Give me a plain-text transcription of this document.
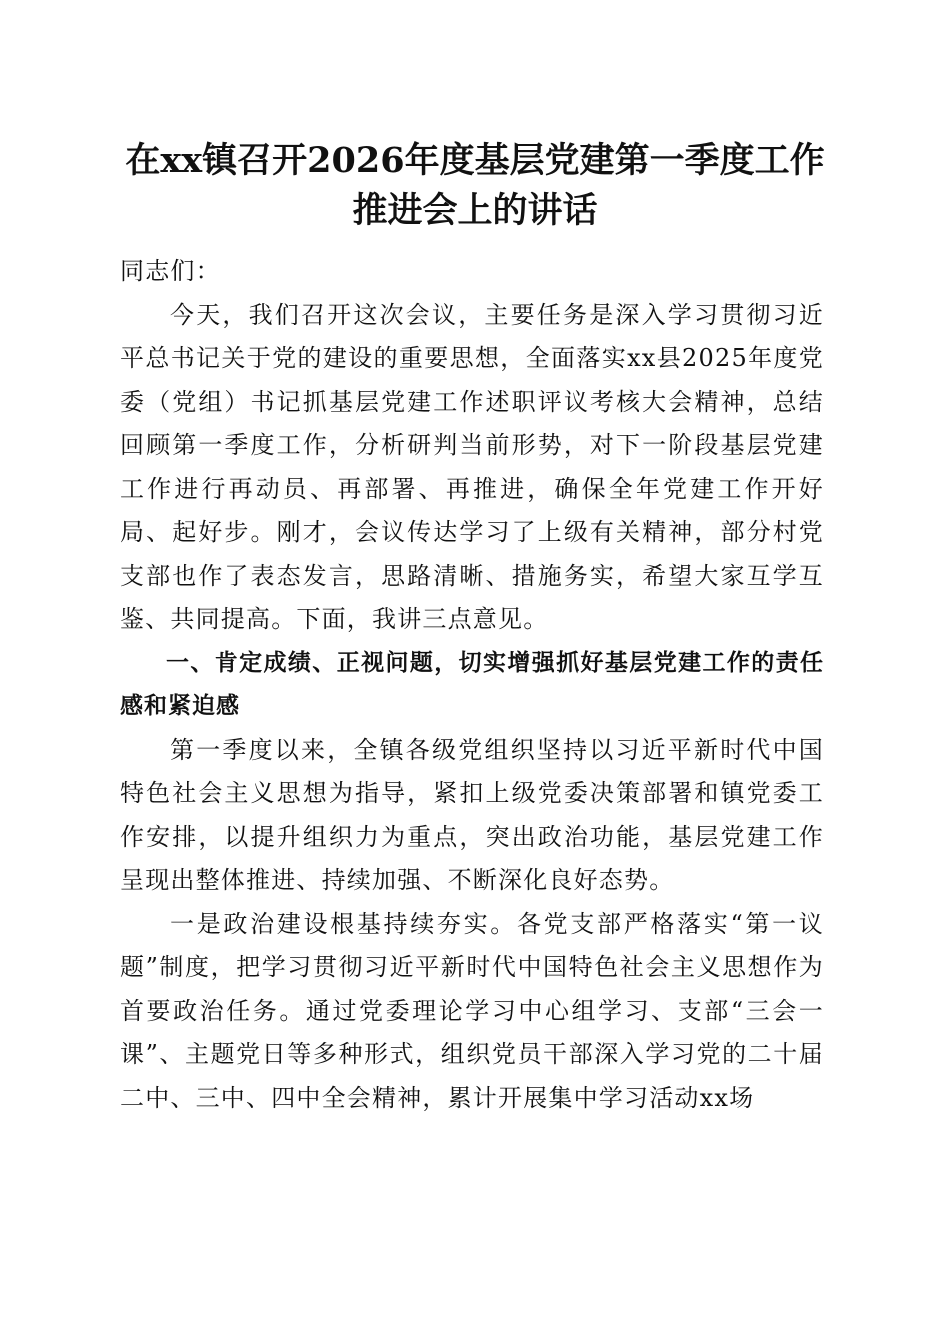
在xx镇召开2026年度基层党建第一季度工作
推进会上的讲话

同志们：

今天，我们召开这次会议，主要任务是深入学习贯彻习近平总书记关于党的建设的重要思想，全面落实xx县2025年度党委（党组）书记抓基层党建工作述职评议考核大会精神，总结回顾第一季度工作，分析研判当前形势，对下一阶段基层党建工作进行再动员、再部署、再推进，确保全年党建工作开好局、起好步。刚才，会议传达学习了上级有关精神，部分村党支部也作了表态发言，思路清晰、措施务实，希望大家互学互鉴、共同提高。下面，我讲三点意见。

一、肯定成绩、正视问题，切实增强抓好基层党建工作的责任感和紧迫感

第一季度以来，全镇各级党组织坚持以习近平新时代中国特色社会主义思想为指导，紧扣上级党委决策部署和镇党委工作安排，以提升组织力为重点，突出政治功能，基层党建工作呈现出整体推进、持续加强、不断深化良好态势。

一是政治建设根基持续夯实。各党支部严格落实“第一议题”制度，把学习贯彻习近平新时代中国特色社会主义思想作为首要政治任务。通过党委理论学习中心组学习、支部“三会一课”、主题党日等多种形式，组织党员干部深入学习党的二十届二中、三中、四中全会精神，累计开展集中学习活动xx场
